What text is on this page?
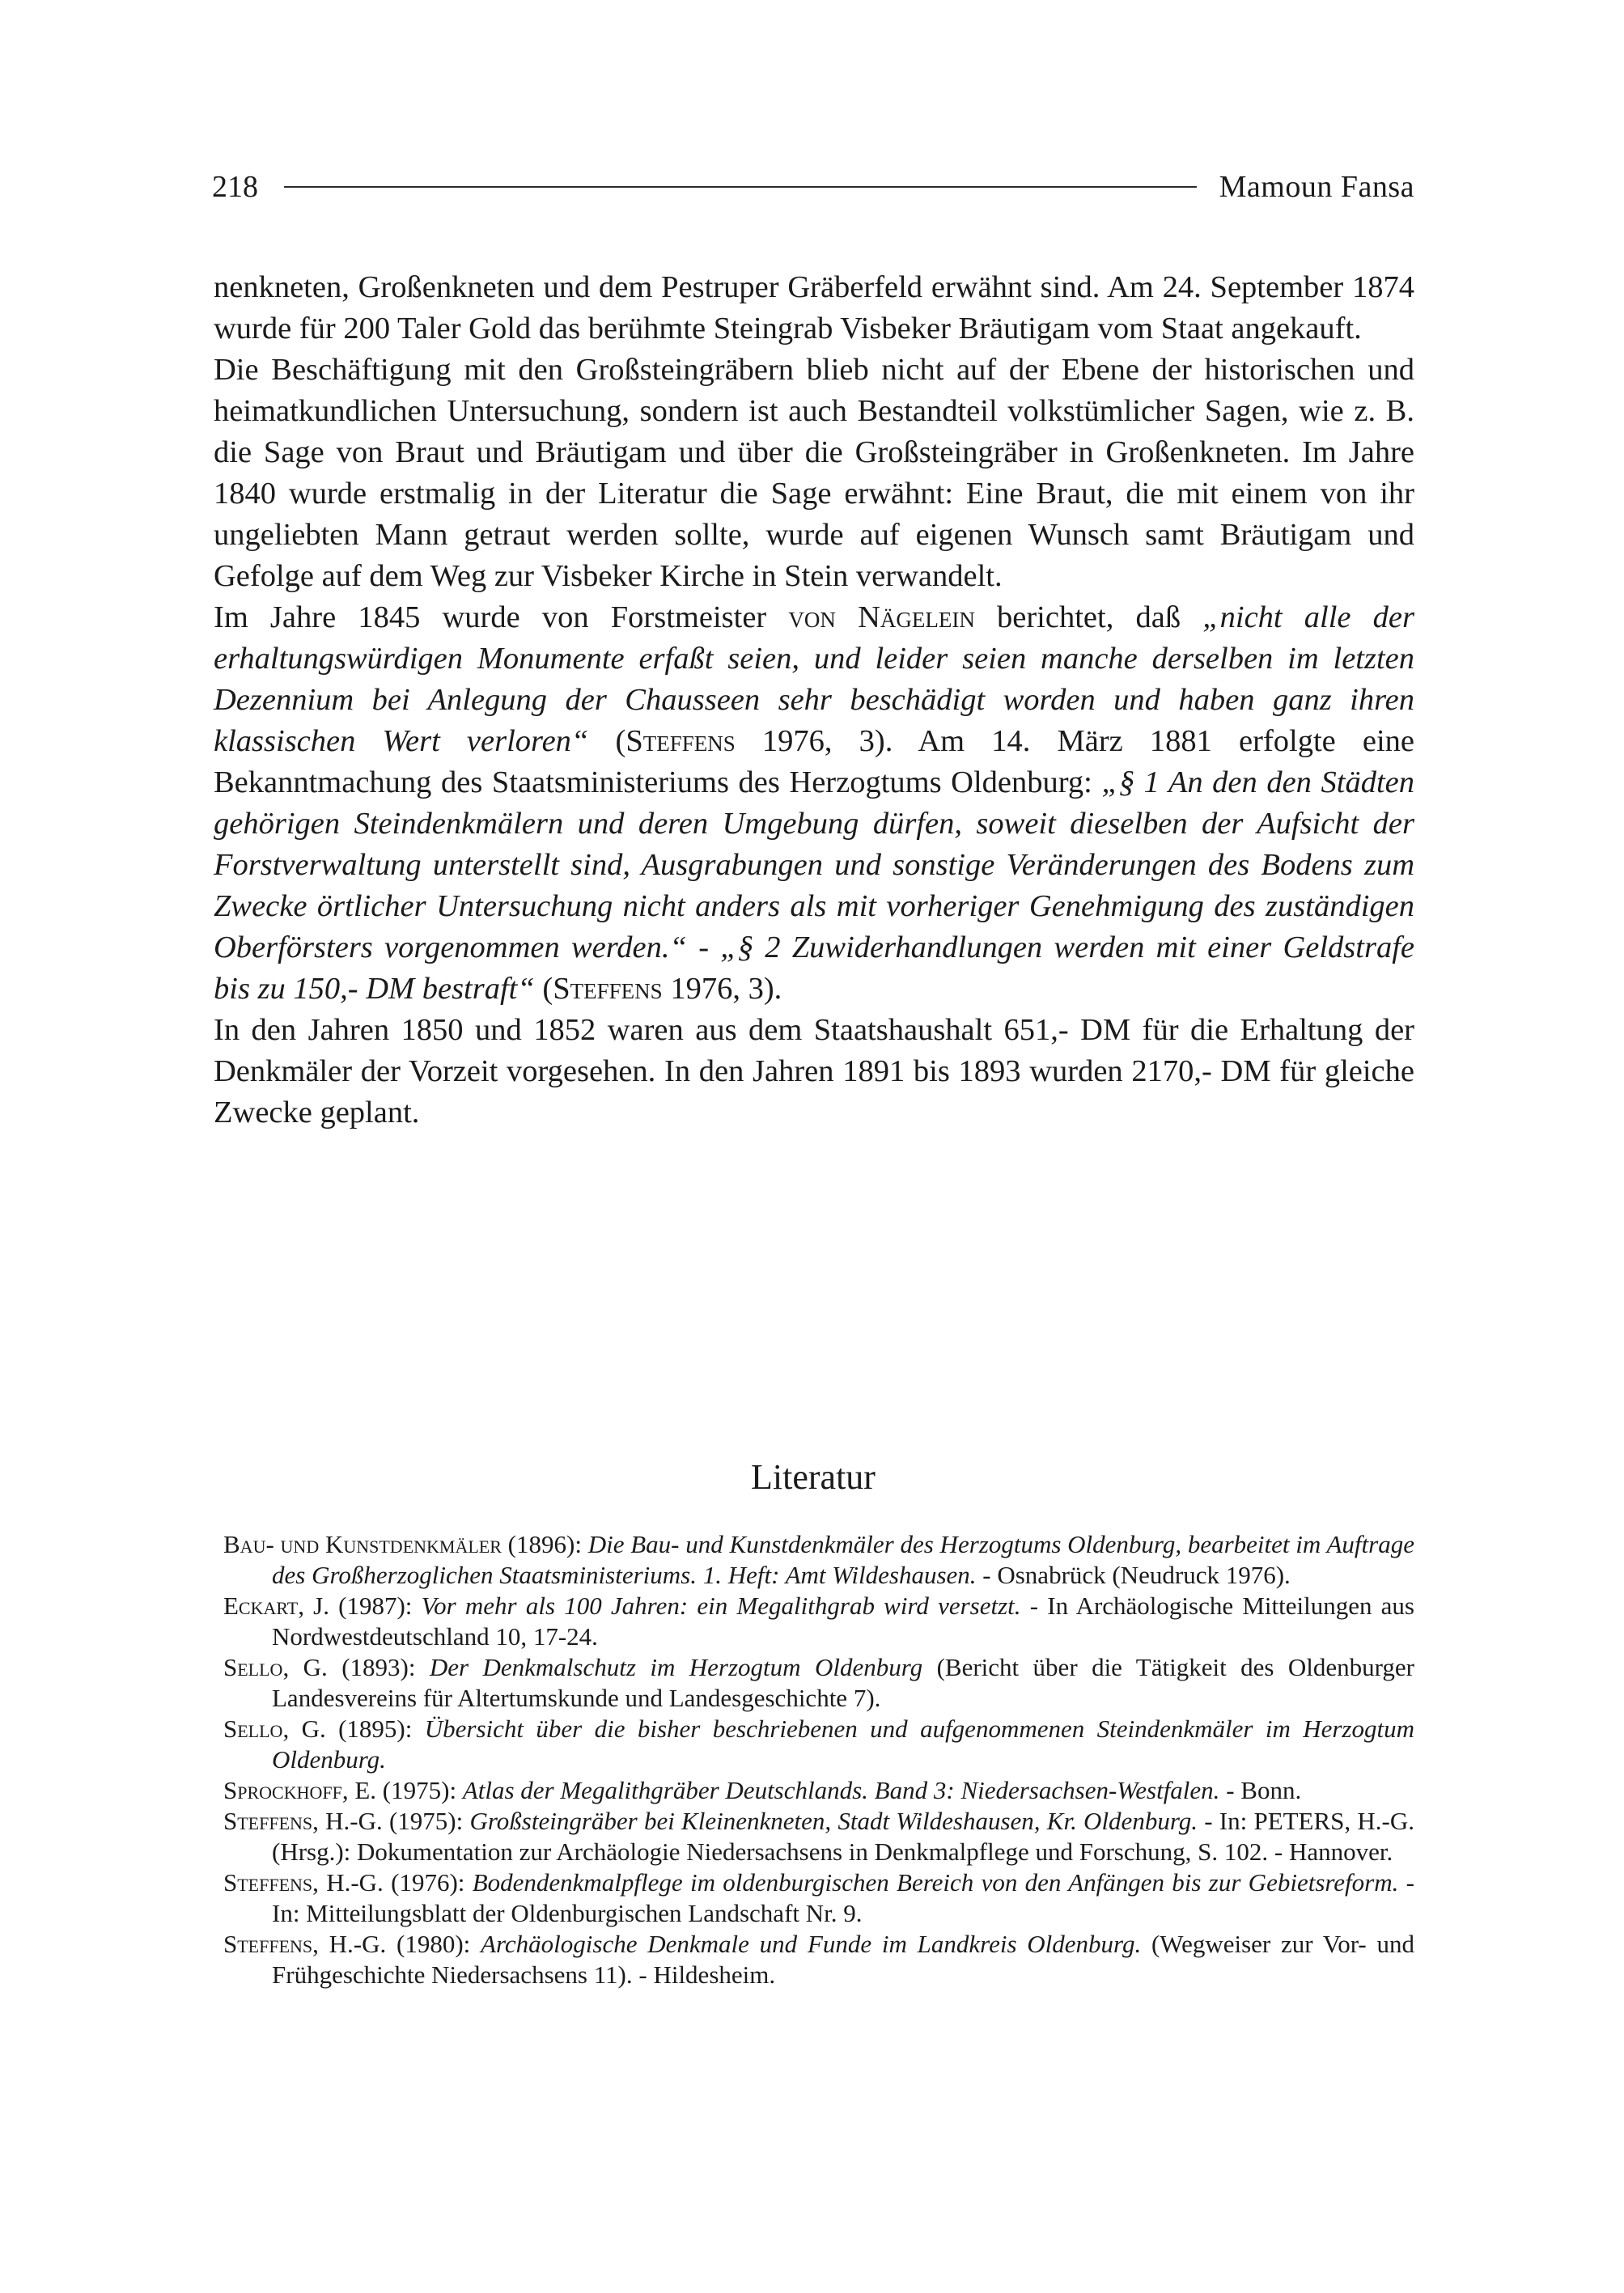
218	Mamoun Fansa

nenkneten, Großenkneten und dem Pestruper Gräberfeld erwähnt sind. Am 24. September 1874 wurde für 200 Taler Gold das berühmte Steingrab Visbeker Bräutigam vom Staat angekauft.

Die Beschäftigung mit den Großsteingräbern blieb nicht auf der Ebene der historischen und heimatkundlichen Untersuchung, sondern ist auch Bestandteil volkstümlicher Sagen, wie z. B. die Sage von Braut und Bräutigam und über die Großsteingräber in Großenkneten. Im Jahre 1840 wurde erstmalig in der Literatur die Sage erwähnt: Eine Braut, die mit einem von ihr ungeliebten Mann getraut werden sollte, wurde auf eigenen Wunsch samt Bräutigam und Gefolge auf dem Weg zur Visbeker Kirche in Stein verwandelt.

Im Jahre 1845 wurde von Forstmeister von Nägelein berichtet, daß „nicht alle der erhaltungswürdigen Monumente erfaßt seien, und leider seien manche derselben im letzten Dezennium bei Anlegung der Chausseen sehr beschädigt worden und haben ganz ihren klassischen Wert verloren“ (Steffens 1976, 3). Am 14. März 1881 erfolgte eine Bekanntmachung des Staatsministeriums des Herzogtums Oldenburg: „§ 1 An den den Städten gehörigen Steindenkmälern und deren Umgebung dürfen, soweit dieselben der Aufsicht der Forstverwaltung unterstellt sind, Ausgrabungen und sonstige Veränderungen des Bodens zum Zwecke örtlicher Untersuchung nicht anders als mit vorheriger Genehmigung des zuständigen Oberförsters vorgenommen werden.“ - „§ 2 Zuwiderhandlungen werden mit einer Geldstrafe bis zu 150,- DM bestraft“ (Steffens 1976, 3).

In den Jahren 1850 und 1852 waren aus dem Staatshaushalt 651,- DM für die Erhaltung der Denkmäler der Vorzeit vorgesehen. In den Jahren 1891 bis 1893 wurden 2170,- DM für gleiche Zwecke geplant.

Literatur

Bau- und Kunstdenkmäler (1896): Die Bau- und Kunstdenkmäler des Herzogtums Oldenburg, bearbeitet im Auftrage des Großherzoglichen Staatsministeriums. 1. Heft: Amt Wildeshausen. - Osnabrück (Neudruck 1976).

Eckart, J. (1987): Vor mehr als 100 Jahren: ein Megalithgrab wird versetzt. - In Archäologische Mitteilungen aus Nordwestdeutschland 10, 17-24.

Sello, G. (1893): Der Denkmalschutz im Herzogtum Oldenburg (Bericht über die Tätigkeit des Oldenburger Landesvereins für Altertumskunde und Landesgeschichte 7).

Sello, G. (1895): Übersicht über die bisher beschriebenen und aufgenommenen Steindenkmäler im Herzogtum Oldenburg.

Sprockhoff, E. (1975): Atlas der Megalithgräber Deutschlands. Band 3: Niedersachsen-Westfalen. - Bonn.

Steffens, H.-G. (1975): Großsteingräber bei Kleinenkneten, Stadt Wildeshausen, Kr. Oldenburg. - In: PETERS, H.-G. (Hrsg.): Dokumentation zur Archäologie Niedersachsens in Denkmalpflege und Forschung, S. 102. - Hannover.

Steffens, H.-G. (1976): Bodendenkmalpflege im oldenburgischen Bereich von den Anfängen bis zur Gebietsreform. - In: Mitteilungsblatt der Oldenburgischen Landschaft Nr. 9.

Steffens, H.-G. (1980): Archäologische Denkmale und Funde im Landkreis Oldenburg. (Wegweiser zur Vor- und Frühgeschichte Niedersachsens 11). - Hildesheim.
